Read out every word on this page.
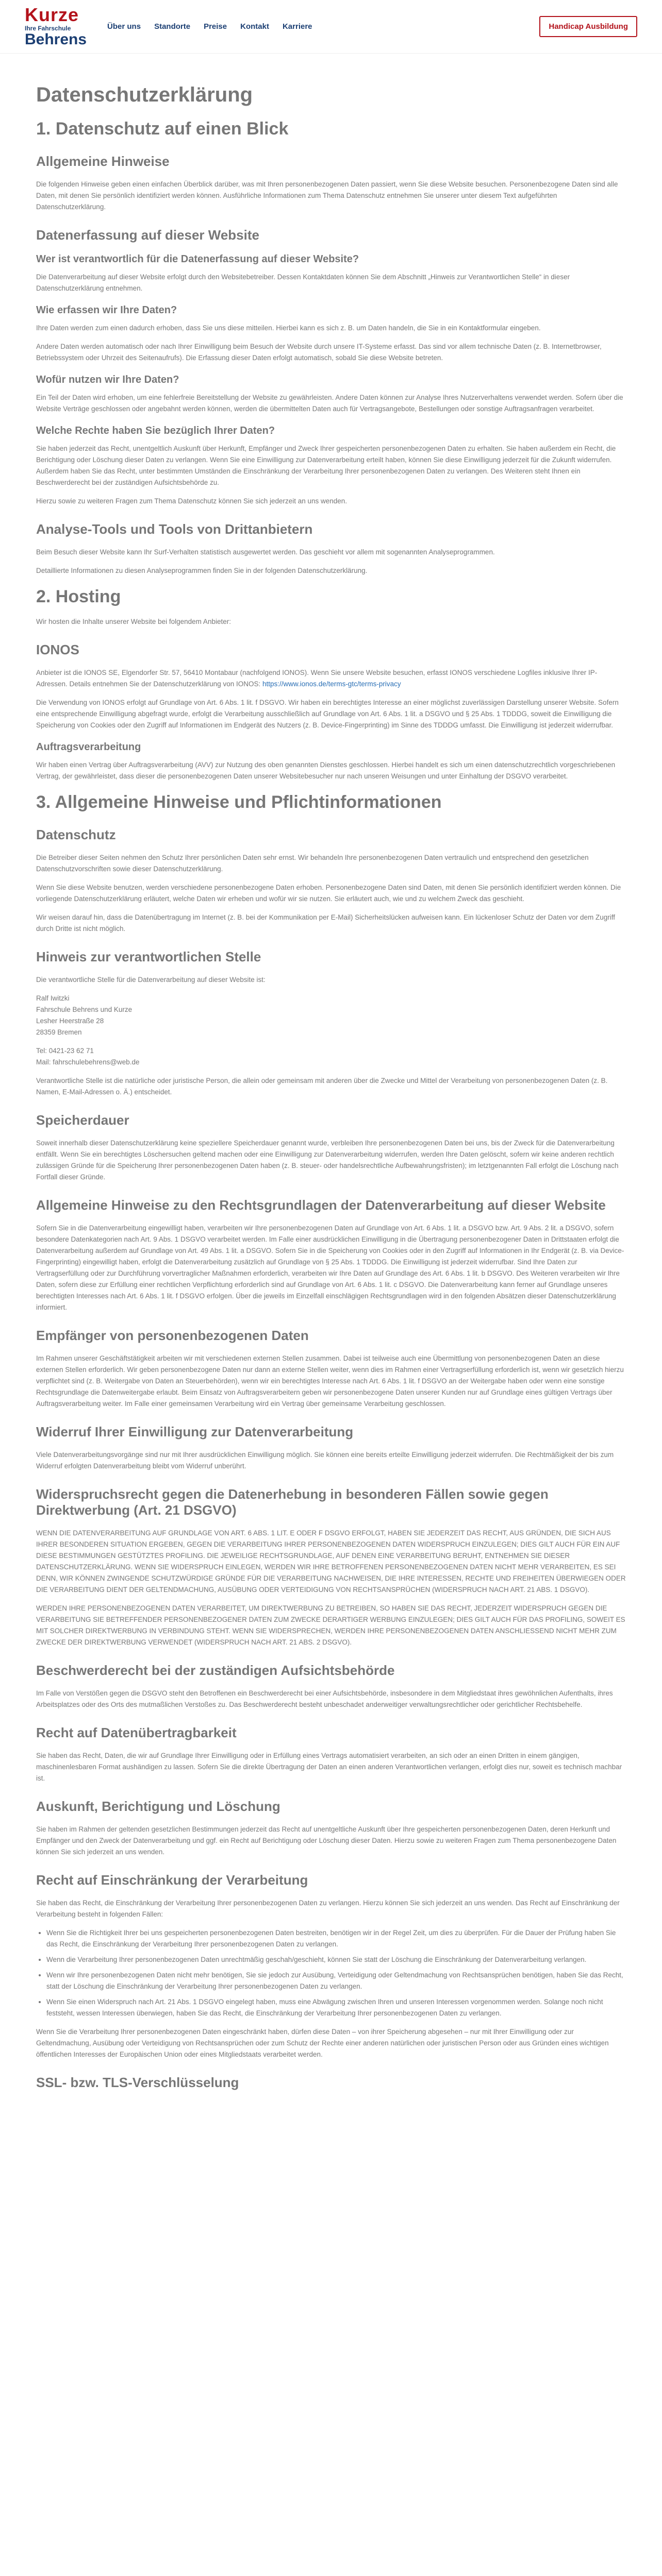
Kurze
Ihre Fahrschule
Behrens
Über uns Standorte Preise Kontakt Karriere	Handicap Ausbildung
Datenschutzerklärung
1. Datenschutz auf einen Blick
Allgemeine Hinweise

Die folgenden Hinweise geben einen einfachen Überblick darüber, was mit Ihren personenbezogenen Daten passiert, wenn Sie diese Website besuchen. Personenbezogene Daten sind alle Daten, mit denen Sie persönlich identifiziert werden können. Ausführliche Informationen zum Thema Datenschutz entnehmen Sie unserer unter diesem Text aufgeführten Datenschutzerklärung.

Datenerfassung auf dieser Website
Wer ist verantwortlich für die Datenerfassung auf dieser Website?

Die Datenverarbeitung auf dieser Website erfolgt durch den Websitebetreiber. Dessen Kontaktdaten können Sie dem Abschnitt „Hinweis zur Verantwortlichen Stelle“ in dieser Datenschutzerklärung entnehmen.

Wie erfassen wir Ihre Daten?

Ihre Daten werden zum einen dadurch erhoben, dass Sie uns diese mitteilen. Hierbei kann es sich z. B. um Daten handeln, die Sie in ein Kontaktformular eingeben.

Andere Daten werden automatisch oder nach Ihrer Einwilligung beim Besuch der Website durch unsere IT-Systeme erfasst. Das sind vor allem technische Daten (z. B. Internetbrowser, Betriebssystem oder Uhrzeit des Seitenaufrufs). Die Erfassung dieser Daten erfolgt automatisch, sobald Sie diese Website betreten.

Wofür nutzen wir Ihre Daten?

Ein Teil der Daten wird erhoben, um eine fehlerfreie Bereitstellung der Website zu gewährleisten. Andere Daten können zur Analyse Ihres Nutzerverhaltens verwendet werden. Sofern über die Website Verträge geschlossen oder angebahnt werden können, werden die übermittelten Daten auch für Vertragsangebote, Bestellungen oder sonstige Auftragsanfragen verarbeitet.

Welche Rechte haben Sie bezüglich Ihrer Daten?

Sie haben jederzeit das Recht, unentgeltlich Auskunft über Herkunft, Empfänger und Zweck Ihrer gespeicherten personenbezogenen Daten zu erhalten. Sie haben außerdem ein Recht, die Berichtigung oder Löschung dieser Daten zu verlangen. Wenn Sie eine Einwilligung zur Datenverarbeitung erteilt haben, können Sie diese Einwilligung jederzeit für die Zukunft widerrufen. Außerdem haben Sie das Recht, unter bestimmten Umständen die Einschränkung der Verarbeitung Ihrer personenbezogenen Daten zu verlangen. Des Weiteren steht Ihnen ein Beschwerderecht bei der zuständigen Aufsichtsbehörde zu.

Hierzu sowie zu weiteren Fragen zum Thema Datenschutz können Sie sich jederzeit an uns wenden.

Analyse-Tools und Tools von Drittanbietern

Beim Besuch dieser Website kann Ihr Surf-Verhalten statistisch ausgewertet werden. Das geschieht vor allem mit sogenannten Analyseprogrammen.

Detaillierte Informationen zu diesen Analyseprogrammen finden Sie in der folgenden Datenschutzerklärung.

2. Hosting

Wir hosten die Inhalte unserer Website bei folgendem Anbieter:

IONOS

Anbieter ist die IONOS SE, Elgendorfer Str. 57, 56410 Montabaur (nachfolgend IONOS). Wenn Sie unsere Website besuchen, erfasst IONOS verschiedene Logfiles inklusive Ihrer IP-Adressen. Details entnehmen Sie der Datenschutzerklärung von IONOS: https://www.ionos.de/terms-gtc/terms-privacy

Die Verwendung von IONOS erfolgt auf Grundlage von Art. 6 Abs. 1 lit. f DSGVO. Wir haben ein berechtigtes Interesse an einer möglichst zuverlässigen Darstellung unserer Website. Sofern eine entsprechende Einwilligung abgefragt wurde, erfolgt die Verarbeitung ausschließlich auf Grundlage von Art. 6 Abs. 1 lit. a DSGVO und § 25 Abs. 1 TDDDG, soweit die Einwilligung die Speicherung von Cookies oder den Zugriff auf Informationen im Endgerät des Nutzers (z. B. Device-Fingerprinting) im Sinne des TDDDG umfasst. Die Einwilligung ist jederzeit widerrufbar.

Auftragsverarbeitung

Wir haben einen Vertrag über Auftragsverarbeitung (AVV) zur Nutzung des oben genannten Dienstes geschlossen. Hierbei handelt es sich um einen datenschutzrechtlich vorgeschriebenen Vertrag, der gewährleistet, dass dieser die personenbezogenen Daten unserer Websitebesucher nur nach unseren Weisungen und unter Einhaltung der DSGVO verarbeitet.

3. Allgemeine Hinweise und Pflichtinformationen
Datenschutz

Die Betreiber dieser Seiten nehmen den Schutz Ihrer persönlichen Daten sehr ernst. Wir behandeln Ihre personenbezogenen Daten vertraulich und entsprechend den gesetzlichen Datenschutzvorschriften sowie dieser Datenschutzerklärung.

Wenn Sie diese Website benutzen, werden verschiedene personenbezogene Daten erhoben. Personenbezogene Daten sind Daten, mit denen Sie persönlich identifiziert werden können. Die vorliegende Datenschutzerklärung erläutert, welche Daten wir erheben und wofür wir sie nutzen. Sie erläutert auch, wie und zu welchem Zweck das geschieht.

Wir weisen darauf hin, dass die Datenübertragung im Internet (z. B. bei der Kommunikation per E-Mail) Sicherheitslücken aufweisen kann. Ein lückenloser Schutz der Daten vor dem Zugriff durch Dritte ist nicht möglich.

Hinweis zur verantwortlichen Stelle

Die verantwortliche Stelle für die Datenverarbeitung auf dieser Website ist:

Ralf Iwitzki

Fahrschule Behrens und Kurze

Lesher Heerstraße 28

28359 Bremen

Tel: 0421-23 62 71

Mail: fahrschulebehrens@web.de

Verantwortliche Stelle ist die natürliche oder juristische Person, die allein oder gemeinsam mit anderen über die Zwecke und Mittel der Verarbeitung von personenbezogenen Daten (z. B. Namen, E-Mail-Adressen o. Ä.) entscheidet.

Speicherdauer

Soweit innerhalb dieser Datenschutzerklärung keine speziellere Speicherdauer genannt wurde, verbleiben Ihre personenbezogenen Daten bei uns, bis der Zweck für die Datenverarbeitung entfällt. Wenn Sie ein berechtigtes Löschersuchen geltend machen oder eine Einwilligung zur Datenverarbeitung widerrufen, werden Ihre Daten gelöscht, sofern wir keine anderen rechtlich zulässigen Gründe für die Speicherung Ihrer personenbezogenen Daten haben (z. B. steuer- oder handelsrechtliche Aufbewahrungsfristen); im letztgenannten Fall erfolgt die Löschung nach Fortfall dieser Gründe.

Allgemeine Hinweise zu den Rechtsgrundlagen der Datenverarbeitung auf dieser Website

Sofern Sie in die Datenverarbeitung eingewilligt haben, verarbeiten wir Ihre personenbezogenen Daten auf Grundlage von Art. 6 Abs. 1 lit. a DSGVO bzw. Art. 9 Abs. 2 lit. a DSGVO, sofern besondere Datenkategorien nach Art. 9 Abs. 1 DSGVO verarbeitet werden. Im Falle einer ausdrücklichen Einwilligung in die Übertragung personenbezogener Daten in Drittstaaten erfolgt die Datenverarbeitung außerdem auf Grundlage von Art. 49 Abs. 1 lit. a DSGVO. Sofern Sie in die Speicherung von Cookies oder in den Zugriff auf Informationen in Ihr Endgerät (z. B. via Device-Fingerprinting) eingewilligt haben, erfolgt die Datenverarbeitung zusätzlich auf Grundlage von § 25 Abs. 1 TDDDG. Die Einwilligung ist jederzeit widerrufbar. Sind Ihre Daten zur Vertragserfüllung oder zur Durchführung vorvertraglicher Maßnahmen erforderlich, verarbeiten wir Ihre Daten auf Grundlage des Art. 6 Abs. 1 lit. b DSGVO. Des Weiteren verarbeiten wir Ihre Daten, sofern diese zur Erfüllung einer rechtlichen Verpflichtung erforderlich sind auf Grundlage von Art. 6 Abs. 1 lit. c DSGVO. Die Datenverarbeitung kann ferner auf Grundlage unseres berechtigten Interesses nach Art. 6 Abs. 1 lit. f DSGVO erfolgen. Über die jeweils im Einzelfall einschlägigen Rechtsgrundlagen wird in den folgenden Absätzen dieser Datenschutzerklärung informiert.

Empfänger von personenbezogenen Daten

Im Rahmen unserer Geschäftstätigkeit arbeiten wir mit verschiedenen externen Stellen zusammen. Dabei ist teilweise auch eine Übermittlung von personenbezogenen Daten an diese externen Stellen erforderlich. Wir geben personenbezogene Daten nur dann an externe Stellen weiter, wenn dies im Rahmen einer Vertragserfüllung erforderlich ist, wenn wir gesetzlich hierzu verpflichtet sind (z. B. Weitergabe von Daten an Steuerbehörden), wenn wir ein berechtigtes Interesse nach Art. 6 Abs. 1 lit. f DSGVO an der Weitergabe haben oder wenn eine sonstige Rechtsgrundlage die Datenweitergabe erlaubt. Beim Einsatz von Auftragsverarbeitern geben wir personenbezogene Daten unserer Kunden nur auf Grundlage eines gültigen Vertrags über Auftragsverarbeitung weiter. Im Falle einer gemeinsamen Verarbeitung wird ein Vertrag über gemeinsame Verarbeitung geschlossen.

Widerruf Ihrer Einwilligung zur Datenverarbeitung

Viele Datenverarbeitungsvorgänge sind nur mit Ihrer ausdrücklichen Einwilligung möglich. Sie können eine bereits erteilte Einwilligung jederzeit widerrufen. Die Rechtmäßigkeit der bis zum Widerruf erfolgten Datenverarbeitung bleibt vom Widerruf unberührt.

Widerspruchsrecht gegen die Datenerhebung in besonderen Fällen sowie gegen Direktwerbung (Art. 21 DSGVO)

WENN DIE DATENVERARBEITUNG AUF GRUNDLAGE VON ART. 6 ABS. 1 LIT. E ODER F DSGVO ERFOLGT, HABEN SIE JEDERZEIT DAS RECHT, AUS GRÜNDEN, DIE SICH AUS IHRER BESONDEREN SITUATION ERGEBEN, GEGEN DIE VERARBEITUNG IHRER PERSONENBEZOGENEN DATEN WIDERSPRUCH EINZULEGEN; DIES GILT AUCH FÜR EIN AUF DIESE BESTIMMUNGEN GESTÜTZTES PROFILING. DIE JEWEILIGE RECHTSGRUNDLAGE, AUF DENEN EINE VERARBEITUNG BERUHT, ENTNEHMEN SIE DIESER DATENSCHUTZERKLÄRUNG. WENN SIE WIDERSPRUCH EINLEGEN, WERDEN WIR IHRE BETROFFENEN PERSONENBEZOGENEN DATEN NICHT MEHR VERARBEITEN, ES SEI DENN, WIR KÖNNEN ZWINGENDE SCHUTZWÜRDIGE GRÜNDE FÜR DIE VERARBEITUNG NACHWEISEN, DIE IHRE INTERESSEN, RECHTE UND FREIHEITEN ÜBERWIEGEN ODER DIE VERARBEITUNG DIENT DER GELTENDMACHUNG, AUSÜBUNG ODER VERTEIDIGUNG VON RECHTSANSPRÜCHEN (WIDERSPRUCH NACH ART. 21 ABS. 1 DSGVO).

WERDEN IHRE PERSONENBEZOGENEN DATEN VERARBEITET, UM DIREKTWERBUNG ZU BETREIBEN, SO HABEN SIE DAS RECHT, JEDERZEIT WIDERSPRUCH GEGEN DIE VERARBEITUNG SIE BETREFFENDER PERSONENBEZOGENER DATEN ZUM ZWECKE DERARTIGER WERBUNG EINZULEGEN; DIES GILT AUCH FÜR DAS PROFILING, SOWEIT ES MIT SOLCHER DIREKTWERBUNG IN VERBINDUNG STEHT. WENN SIE WIDERSPRECHEN, WERDEN IHRE PERSONENBEZOGENEN DATEN ANSCHLIESSEND NICHT MEHR ZUM ZWECKE DER DIREKTWERBUNG VERWENDET (WIDERSPRUCH NACH ART. 21 ABS. 2 DSGVO).

Beschwerderecht bei der zuständigen Aufsichtsbehörde

Im Falle von Verstößen gegen die DSGVO steht den Betroffenen ein Beschwerderecht bei einer Aufsichtsbehörde, insbesondere in dem Mitgliedstaat ihres gewöhnlichen Aufenthalts, ihres Arbeitsplatzes oder des Orts des mutmaßlichen Verstoßes zu. Das Beschwerderecht besteht unbeschadet anderweitiger verwaltungsrechtlicher oder gerichtlicher Rechtsbehelfe.

Recht auf Datenübertragbarkeit

Sie haben das Recht, Daten, die wir auf Grundlage Ihrer Einwilligung oder in Erfüllung eines Vertrags automatisiert verarbeiten, an sich oder an einen Dritten in einem gängigen, maschinenlesbaren Format aushändigen zu lassen. Sofern Sie die direkte Übertragung der Daten an einen anderen Verantwortlichen verlangen, erfolgt dies nur, soweit es technisch machbar ist.

Auskunft, Berichtigung und Löschung

Sie haben im Rahmen der geltenden gesetzlichen Bestimmungen jederzeit das Recht auf unentgeltliche Auskunft über Ihre gespeicherten personenbezogenen Daten, deren Herkunft und Empfänger und den Zweck der Datenverarbeitung und ggf. ein Recht auf Berichtigung oder Löschung dieser Daten. Hierzu sowie zu weiteren Fragen zum Thema personenbezogene Daten können Sie sich jederzeit an uns wenden.

Recht auf Einschränkung der Verarbeitung

Sie haben das Recht, die Einschränkung der Verarbeitung Ihrer personenbezogenen Daten zu verlangen. Hierzu können Sie sich jederzeit an uns wenden. Das Recht auf Einschränkung der Verarbeitung besteht in folgenden Fällen:

• Wenn Sie die Richtigkeit Ihrer bei uns gespeicherten personenbezogenen Daten bestreiten, benötigen wir in der Regel Zeit, um dies zu überprüfen. Für die Dauer der Prüfung haben Sie das Recht, die Einschränkung der Verarbeitung Ihrer personenbezogenen Daten zu verlangen.
• Wenn die Verarbeitung Ihrer personenbezogenen Daten unrechtmäßig geschah/geschieht, können Sie statt der Löschung die Einschränkung der Datenverarbeitung verlangen.
• Wenn wir Ihre personenbezogenen Daten nicht mehr benötigen, Sie sie jedoch zur Ausübung, Verteidigung oder Geltendmachung von Rechtsansprüchen benötigen, haben Sie das Recht, statt der Löschung die Einschränkung der Verarbeitung Ihrer personenbezogenen Daten zu verlangen.
• Wenn Sie einen Widerspruch nach Art. 21 Abs. 1 DSGVO eingelegt haben, muss eine Abwägung zwischen Ihren und unseren Interessen vorgenommen werden. Solange noch nicht feststeht, wessen Interessen überwiegen, haben Sie das Recht, die Einschränkung der Verarbeitung Ihrer personenbezogenen Daten zu verlangen.

Wenn Sie die Verarbeitung Ihrer personenbezogenen Daten eingeschränkt haben, dürfen diese Daten – von ihrer Speicherung abgesehen – nur mit Ihrer Einwilligung oder zur Geltendmachung, Ausübung oder Verteidigung von Rechtsansprüchen oder zum Schutz der Rechte einer anderen natürlichen oder juristischen Person oder aus Gründen eines wichtigen öffentlichen Interesses der Europäischen Union oder eines Mitgliedstaats verarbeitet werden.

SSL- bzw. TLS-Verschlüsselung
